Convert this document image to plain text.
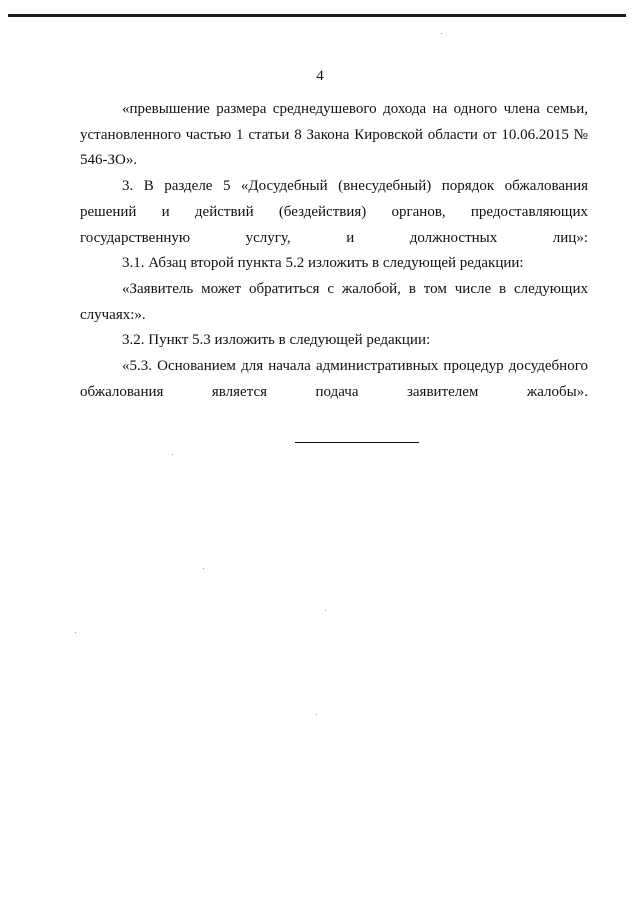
4

«превышение размера среднедушевого дохода на одного члена семьи, установленного частью 1 статьи 8 Закона Кировской области от 10.06.2015 № 546-ЗО».

3. В разделе 5 «Досудебный (внесудебный) порядок обжалования решений и действий (бездействия) органов, предоставляющих государственную услугу, и должностных лиц»:

3.1. Абзац второй пункта 5.2 изложить в следующей редакции:

«Заявитель может обратиться с жалобой, в том числе в следующих случаях:».

3.2. Пункт 5.3 изложить в следующей редакции:

«5.3. Основанием для начала административных процедур досудебного обжалования является подача заявителем жалобы».
